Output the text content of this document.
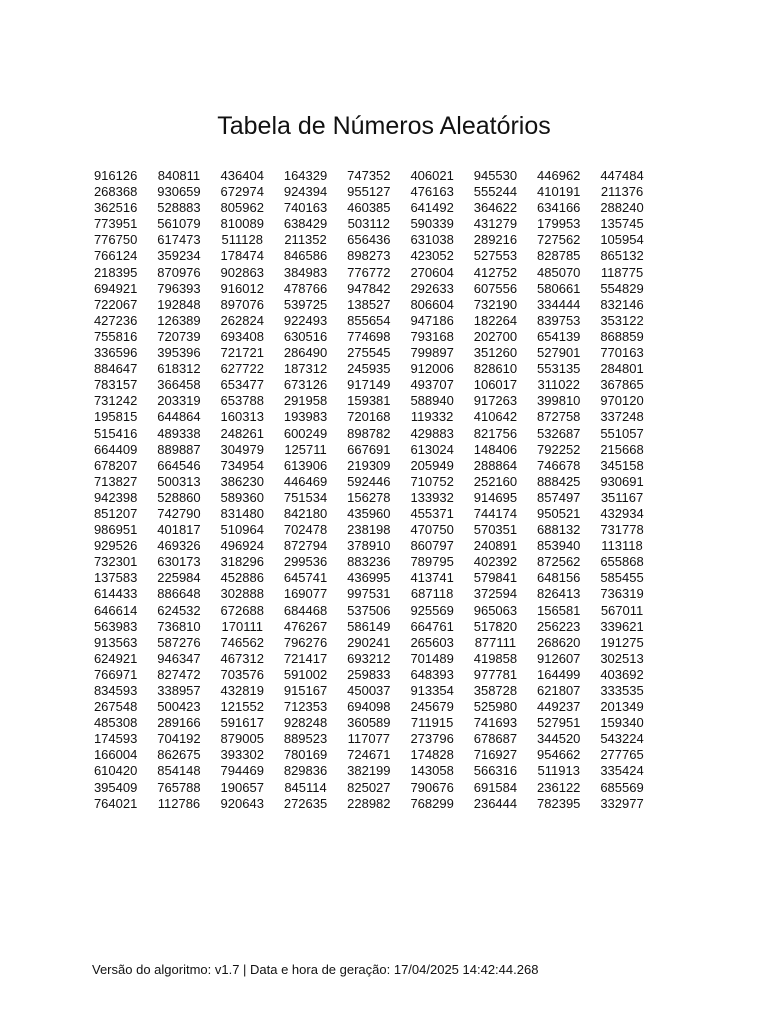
Tabela de Números Aleatórios
916126	840811	436404	164329	747352	406021	945530	446962	447484
268368	930659	672974	924394	955127	476163	555244	410191	211376
362516	528883	805962	740163	460385	641492	364622	634166	288240
773951	561079	810089	638429	503112	590339	431279	179953	135745
776750	617473	511128	211352	656436	631038	289216	727562	105954
766124	359234	178474	846586	898273	423052	527553	828785	865132
218395	870976	902863	384983	776772	270604	412752	485070	118775
694921	796393	916012	478766	947842	292633	607556	580661	554829
722067	192848	897076	539725	138527	806604	732190	334444	832146
427236	126389	262824	922493	855654	947186	182264	839753	353122
755816	720739	693408	630516	774698	793168	202700	654139	868859
336596	395396	721721	286490	275545	799897	351260	527901	770163
884647	618312	627722	187312	245935	912006	828610	553135	284801
783157	366458	653477	673126	917149	493707	106017	311022	367865
731242	203319	653788	291958	159381	588940	917263	399810	970120
195815	644864	160313	193983	720168	119332	410642	872758	337248
515416	489338	248261	600249	898782	429883	821756	532687	551057
664409	889887	304979	125711	667691	613024	148406	792252	215668
678207	664546	734954	613906	219309	205949	288864	746678	345158
713827	500313	386230	446469	592446	710752	252160	888425	930691
942398	528860	589360	751534	156278	133932	914695	857497	351167
851207	742790	831480	842180	435960	455371	744174	950521	432934
986951	401817	510964	702478	238198	470750	570351	688132	731778
929526	469326	496924	872794	378910	860797	240891	853940	113118
732301	630173	318296	299536	883236	789795	402392	872562	655868
137583	225984	452886	645741	436995	413741	579841	648156	585455
614433	886648	302888	169077	997531	687118	372594	826413	736319
646614	624532	672688	684468	537506	925569	965063	156581	567011
563983	736810	170111	476267	586149	664761	517820	256223	339621
913563	587276	746562	796276	290241	265603	877111	268620	191275
624921	946347	467312	721417	693212	701489	419858	912607	302513
766971	827472	703576	591002	259833	648393	977781	164499	403692
834593	338957	432819	915167	450037	913354	358728	621807	333535
267548	500423	121552	712353	694098	245679	525980	449237	201349
485308	289166	591617	928248	360589	711915	741693	527951	159340
174593	704192	879005	889523	117077	273796	678687	344520	543224
166004	862675	393302	780169	724671	174828	716927	954662	277765
610420	854148	794469	829836	382199	143058	566316	511913	335424
395409	765788	190657	845114	825027	790676	691584	236122	685569
764021	112786	920643	272635	228982	768299	236444	782395	332977

Versão do algoritmo: v1.7 | Data e hora de geração: 17/04/2025 14:42:44.268
